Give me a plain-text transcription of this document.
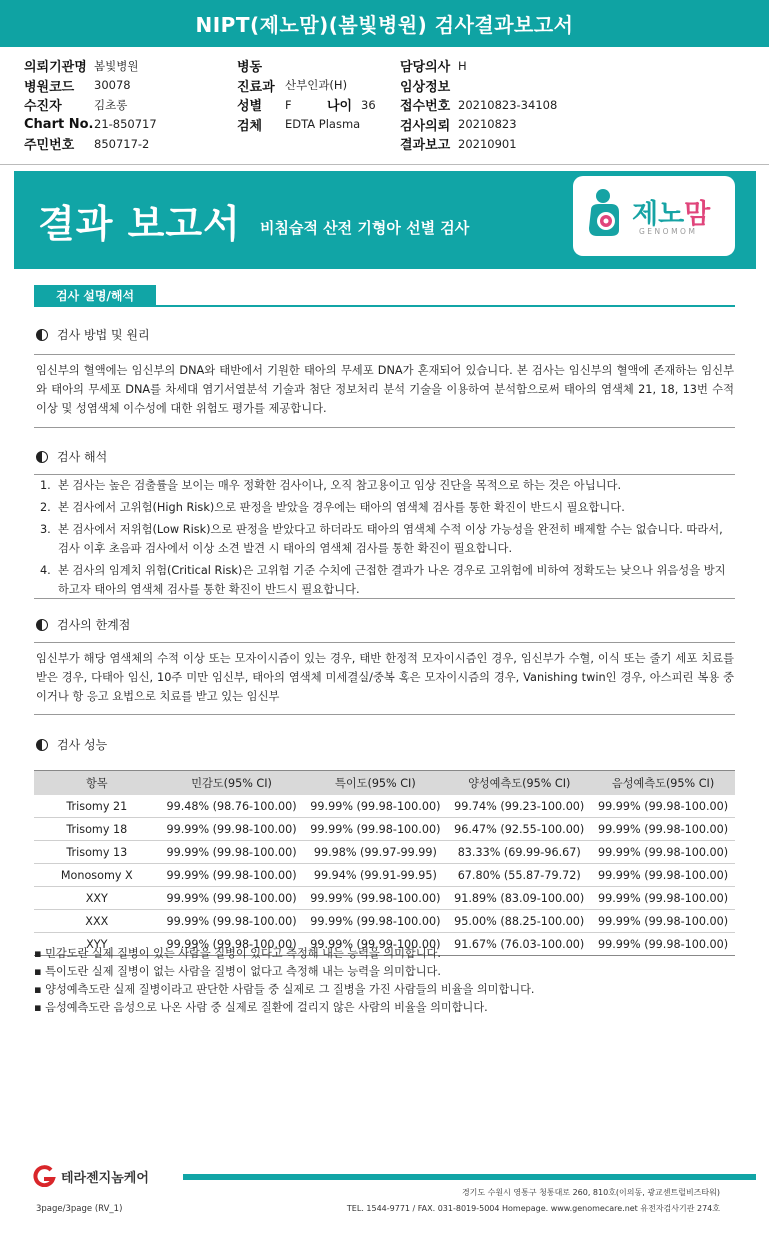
NIPT(제노맘)(봄빛병원) 검사결과보고서
의뢰기관명 봄빛병원
병원코드	30078
수진자	김초롱
Chart No. 21-850717
주민번호	850717-2
병동
진료과 산부인과(H)
성별	F	나이 36
검체	EDTA Plasma
담당의사 H
임상정보
접수번호 20210823-34108
검사의뢰 20210823
결과보고 20210901
결과 보고서 비침습적 산전 기형아 선별 검사	제노맘
GENOMOM
검사 설명/해석
검사 방법 및 원리
임신부의 혈액에는 임신부의 DNA와 태반에서 기원한 태아의 무세포 DNA가 혼재되어 있습니다. 본 검사는 임신부의 혈액에 존재하는 임신부와 태아의 무세포 DNA를 차세대 염기서열분석 기술과 첨단 정보처리 분석 기술을 이용하여 분석함으로써 태아의 염색체 21, 18, 13번 수적 이상 및 성염색체 이수성에 대한 위험도 평가를 제공합니다.
검사 해석
1. 본 검사는 높은 검출률을 보이는 매우 정확한 검사이나, 오직 참고용이고 임상 진단을 목적으로 하는 것은 아닙니다.
2. 본 검사에서 고위험(High Risk)으로 판정을 받았을 경우에는 태아의 염색체 검사를 통한 확진이 반드시 필요합니다.
3. 본 검사에서 저위험(Low Risk)으로 판정을 받았다고 하더라도 태아의 염색체 수적 이상 가능성을 완전히 배제할 수는 없습니다. 따라서, 검사 이후 초음파 검사에서 이상 소견 발견 시 태아의 염색체 검사를 통한 확진이 필요합니다.
4. 본 검사의 임계치 위험(Critical Risk)은 고위험 기준 수치에 근접한 결과가 나온 경우로 고위험에 비하여 정확도는 낮으나 위음성을 방지하고자 태아의 염색체 검사를 통한 확진이 반드시 필요합니다.
검사의 한계점
임신부가 해당 염색체의 수적 이상 또는 모자이시즘이 있는 경우, 태반 한정적 모자이시즘인 경우, 임신부가 수혈, 이식 또는 줄기 세포 치료를 받은 경우, 다태아 임신, 10주 미만 임신부, 태아의 염색체 미세결실/중복 혹은 모자이시즘의 경우, Vanishing twin인 경우, 아스피린 복용 중이거나 항 응고 요법으로 치료를 받고 있는 임신부
검사 성능
항목	민감도(95% CI)	특이도(95% CI)	양성예측도(95% CI)	음성예측도(95% CI)
Trisomy 21	99.48% (98.76-100.00)	99.99% (99.98-100.00)	99.74% (99.23-100.00)	99.99% (99.98-100.00)
Trisomy 18	99.99% (99.98-100.00)	99.99% (99.98-100.00)	96.47% (92.55-100.00)	99.99% (99.98-100.00)
Trisomy 13	99.99% (99.98-100.00)	99.98% (99.97-99.99)	83.33% (69.99-96.67)	99.99% (99.98-100.00)
Monosomy X	99.99% (99.98-100.00)	99.94% (99.91-99.95)	67.80% (55.87-79.72)	99.99% (99.98-100.00)
XXY	99.99% (99.98-100.00)	99.99% (99.98-100.00)	91.89% (83.09-100.00)	99.99% (99.98-100.00)
XXX	99.99% (99.98-100.00)	99.99% (99.98-100.00)	95.00% (88.25-100.00)	99.99% (99.98-100.00)
XYY	99.99% (99.98-100.00)	99.99% (99.99-100.00)	91.67% (76.03-100.00)	99.99% (99.98-100.00)
▪ 민감도란 실제 질병이 있는 사람을 질병이 있다고 측정해 내는 능력을 의미합니다.
▪ 특이도란 실제 질병이 없는 사람을 질병이 없다고 측정해 내는 능력을 의미합니다.
▪ 양성예측도란 실제 질병이라고 판단한 사람들 중 실제로 그 질병을 가진 사람들의 비율을 의미합니다.
▪ 음성예측도란 음성으로 나온 사람 중 실제로 질환에 걸리지 않은 사람의 비율을 의미합니다.
테라젠지놈케어
경기도 수원시 영통구 청통대로 260, 810호(이의동, 광교센트럴비즈타워)
TEL. 1544-9771 / FAX. 031-8019-5004 Homepage. www.genomecare.net 유전자검사기관 274호
3page/3page (RV_1)
